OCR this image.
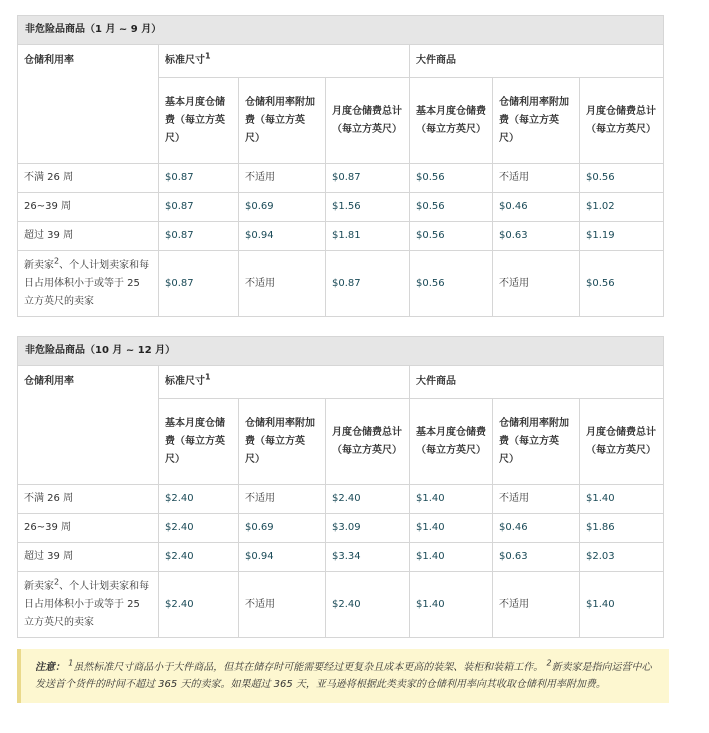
非危险品商品（1 月 ~ 9 月）						
仓储利用率	标准尺寸$^1$			大件商品		
	基本月度仓储费（每立方英尺）	仓储利用率附加费（每立方英尺）	月度仓储费总计（每立方英尺）	基本月度仓储费（每立方英尺）	仓储利用率附加费（每立方英尺）	月度仓储费总计（每立方英尺）
不满 26 周	$0.87	不适用	$0.87	$0.56	不适用	$0.56
26~39 周	$0.87	$0.69	$1.56	$0.56	$0.46	$1.02
超过 39 周	$0.87	$0.94	$1.81	$0.56	$0.63	$1.19
新卖家$^2$、个人计划卖家和每日占用体积小于或等于 25 立方英尺的卖家	$0.87	不适用	$0.87	$0.56	不适用	$0.56
非危险品商品（10 月 ~ 12 月）						
仓储利用率	标准尺寸$^1$			大件商品		
	基本月度仓储费（每立方英尺）	仓储利用率附加费（每立方英尺）	月度仓储费总计（每立方英尺）	基本月度仓储费（每立方英尺）	仓储利用率附加费（每立方英尺）	月度仓储费总计（每立方英尺）
不满 26 周	$2.40	不适用	$2.40	$1.40	不适用	$1.40
26~39 周	$2.40	$0.69	$3.09	$1.40	$0.46	$1.86
超过 39 周	$2.40	$0.94	$3.34	$1.40	$0.63	$2.03
新卖家$^2$、个人计划卖家和每日占用体积小于或等于 25 立方英尺的卖家	$2.40	不适用	$2.40	$1.40	不适用	$1.40
注意： $^1$虽然标准尺寸商品小于大件商品，但其在储存时可能需要经过更复杂且成本更高的装架、装柜和装箱工作。 $^2$新卖家是指向运营中心发送首个货件的时间不超过 365 天的卖家。如果超过 365 天，亚马逊将根据此类卖家的仓储利用率向其收取仓储利用率附加费。
